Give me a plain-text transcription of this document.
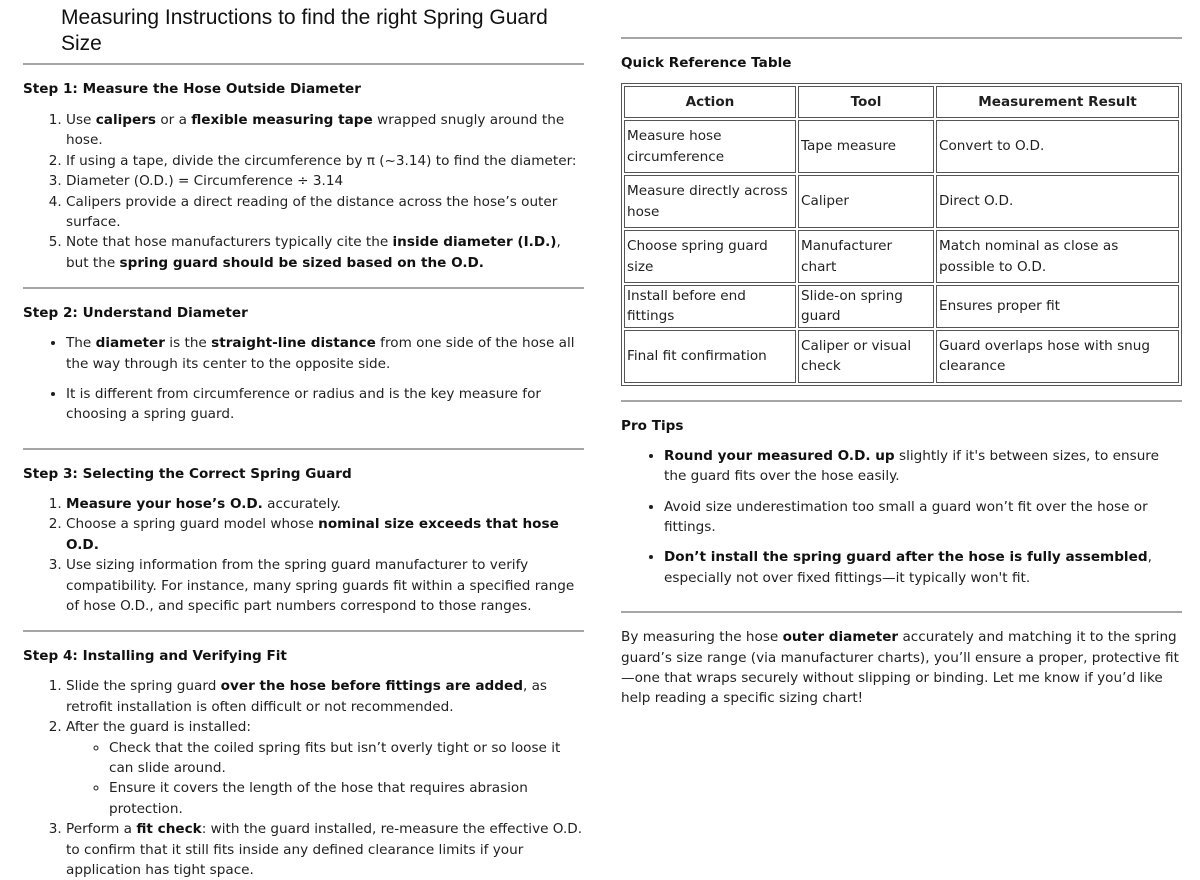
Measuring Instructions to find the right Spring Guard Size
Step 1: Measure the Hose Outside Diameter
1. Use calipers or a flexible measuring tape wrapped snugly around the hose.
2. If using a tape, divide the circumference by π (~3.14) to find the diameter:
3. Diameter (O.D.) = Circumference ÷ 3.14
4. Calipers provide a direct reading of the distance across the hose’s outer surface.
5. Note that hose manufacturers typically cite the inside diameter (I.D.), but the spring guard should be sized based on the O.D.
Step 2: Understand Diameter
• The diameter is the straight-line distance from one side of the hose all the way through its center to the opposite side.
• It is different from circumference or radius and is the key measure for choosing a spring guard.
Step 3: Selecting the Correct Spring Guard
1. Measure your hose’s O.D. accurately.
2. Choose a spring guard model whose nominal size exceeds that hose O.D.
3. Use sizing information from the spring guard manufacturer to verify compatibility. For instance, many spring guards fit within a specified range of hose O.D., and specific part numbers correspond to those ranges.
Step 4: Installing and Verifying Fit
1. Slide the spring guard over the hose before fittings are added, as retrofit installation is often difficult or not recommended.
2. After the guard is installed:
◦ Check that the coiled spring fits but isn’t overly tight or so loose it can slide around.
◦ Ensure it covers the length of the hose that requires abrasion protection.
3. Perform a fit check: with the guard installed, re-measure the effective O.D. to confirm that it still fits inside any defined clearance limits if your application has tight space.
Quick Reference Table
Action	Tool	Measurement Result
Measure hose circumference	Tape measure	Convert to O.D.
Measure directly across hose	Caliper	Direct O.D.
Choose spring guard size	Manufacturer chart	Match nominal as close as possible to O.D.
Install before end fittings	Slide-on spring guard	Ensures proper fit
Final fit confirmation	Caliper or visual check	Guard overlaps hose with snug clearance
Pro Tips
• Round your measured O.D. up slightly if it's between sizes, to ensure the guard fits over the hose easily.
• Avoid size underestimation too small a guard won’t fit over the hose or fittings.
• Don’t install the spring guard after the hose is fully assembled, especially not over fixed fittings—it typically won't fit.

By measuring the hose outer diameter accurately and matching it to the spring guard’s size range (via manufacturer charts), you’ll ensure a proper, protective fit—one that wraps securely without slipping or binding. Let me know if you’d like help reading a specific sizing chart!
